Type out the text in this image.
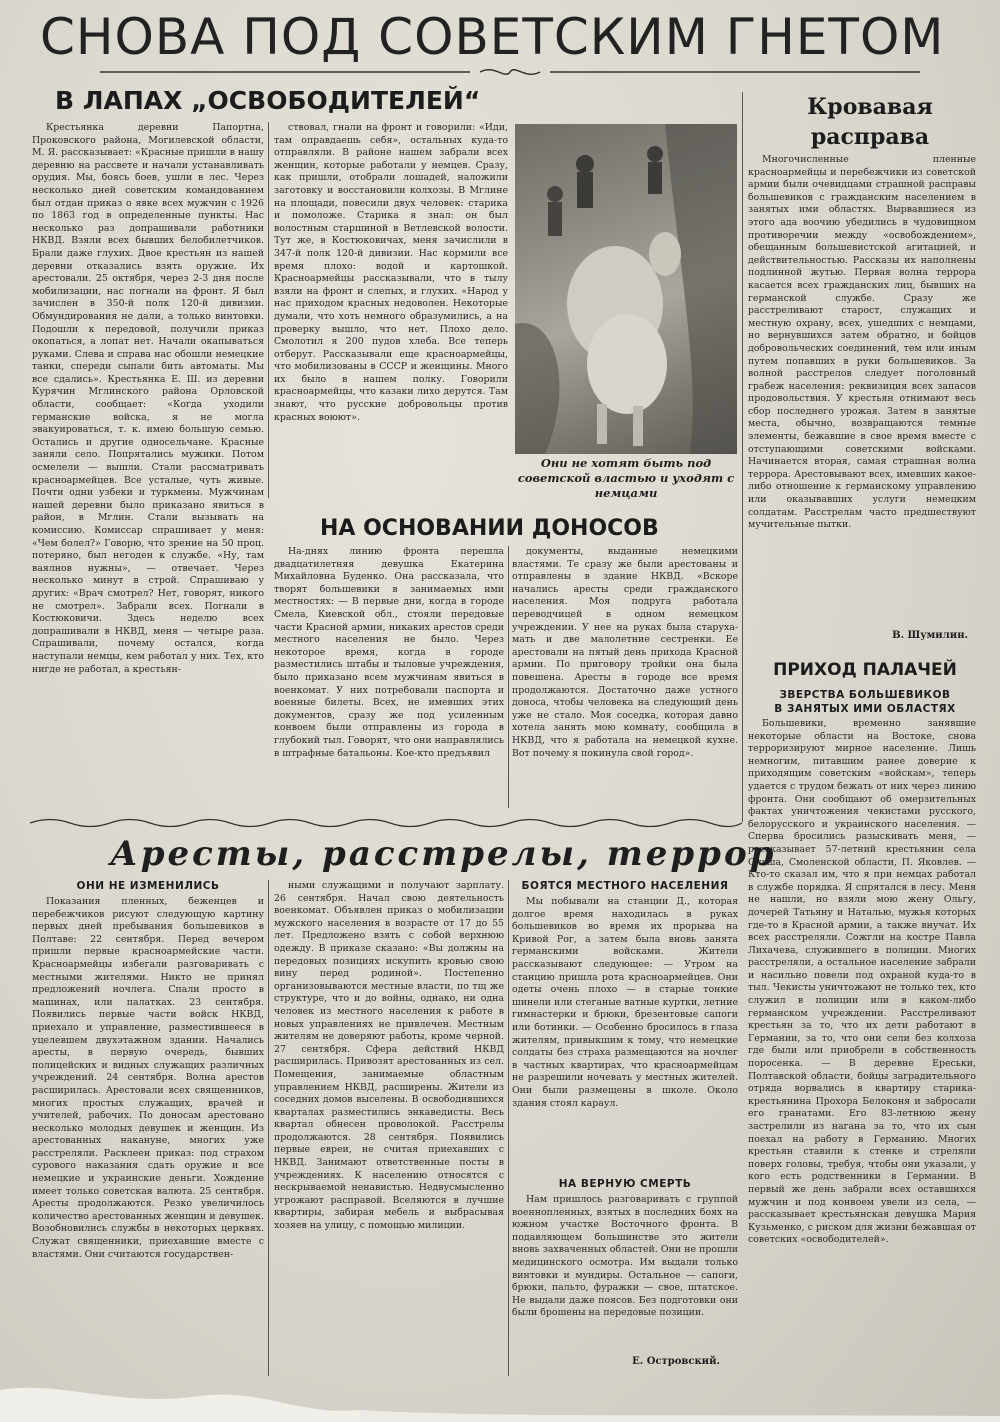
СНОВА ПОД СОВЕТСКИМ ГНЕТОМ
В ЛАПАХ „ОСВОБОДИТЕЛЕЙ“

Крестьянка деревни Папортна, Проковского района, Могилевской области, М. Я. рассказывает: «Красные пришли в нашу деревню на рассвете и начали устанавливать орудия. Мы, боясь боев, ушли в лес. Через несколько дней советским командованием был отдан приказ о явке всех мужчин с 1926 по 1863 год в определенные пункты. Нас несколько раз допрашивали работники НКВД. Взяли всех бывших белобилетчиков. Брали даже глухих. Двое крестьян из нашей деревни отказались взять оружие. Их арестовали. 25 октября, через 2-3 дня после мобилизации, нас погнали на фронт. Я был зачислен в 350-й полк 120-й дивизии. Обмундирования не дали, а только винтовки. Подошли к передовой, получили приказ окопаться, а лопат нет. Начали окапываться руками. Слева и справа нас обошли немецкие танки, спереди сыпали бить автоматы. Мы все сдались». Крестьянка Е. Ш. из деревни Курячин Мглинского района Орловской области, сообщает: «Когда уходили германские войска, я не могла эвакуироваться, т. к. имею большую семью. Остались и другие односельчане. Красные заняли село. Попрятались мужики. Потом осмелели — вышли. Стали рассматривать красноармейцев. Все усталые, чуть живые. Почти одни узбеки и туркмены. Мужчинам нашей деревни было приказано явиться в район, в Мглин. Стали вызывать на комиссию. Комиссар спрашивает у меня: «Чем болел?» Говорю, что зрение на 50 проц. потеряно, был негоден к службе. «Ну, там ваялнов нужны», — отвечает. Через несколько минут в строй. Спрашиваю у других: «Врач смотрел? Нет, говорят, никого не смотрел». Забрали всех. Погнали в Костюковичи. Здесь неделю всех допрашивали в НКВД, меня — четыре раза. Спрашивали, почему остался, когда наступали немцы, кем работал у них. Тех, кто нигде не работал, а крестьян-

ствовал, гнали на фронт и говорили: «Иди, там оправдаешь себя», остальных куда-то отправляли. В районе нашем забрали всех женщин, которые работали у немцев. Сразу, как пришли, отобрали лошадей, наложили заготовку и восстановили колхозы. В Мглине на площади, повесили двух человек: старика и помоложе. Старика я знал: он был волостным старшиной в Ветлевской волости. Тут же, в Костюковичах, меня зачислили в 347-й полк 120-й дивизии. Нас кормили все время плохо: водой и картошкой. Красноармейцы рассказывали, что в тылу взяли на фронт и слепых, и глухих. «Народ у нас приходом красных недоволен. Некоторые думали, что хоть немного образумились, а на проверку вышло, что нет. Плохо дело. Смолотил я 200 пудов хлеба. Все теперь отберут. Рассказывали еще красноармейцы, что мобилизованы в СССР и женщины. Много их было в нашем полку. Говорили красноармейцы, что казаки лихо дерутся. Там знают, что русские добровольцы против красных воюют».

Они не хотят быть под советской властью и уходят с немцами
НА ОСНОВАНИИ ДОНОСОВ

На-днях линию фронта перешла двадцатилетняя девушка Екатерина Михайловна Буденко. Она рассказала, что творят большевики в занимаемых ими местностях: — В первые дни, когда в городе Смела, Киевской обл., стояли передовые части Красной армии, никаких арестов среди местного населения не было. Через некоторое время, когда в городе разместились штабы и тыловые учреждения, было приказано всем мужчинам явиться в военкомат. У них потребовали паспорта и военные билеты. Всех, не имевших этих документов, сразу же под усиленным конвоем были отправлены из города в глубокий тыл. Говорят, что они направлялись в штрафные батальоны. Кое-кто предъявил

документы, выданные немецкими властями. Те сразу же были арестованы и отправлены в здание НКВД. «Вскоре начались аресты среди гражданского населения. Моя подруга работала переводчицей в одном немецком учреждении. У нее на руках была старуха-мать и две малолетние сестренки. Ее арестовали на пятый день прихода Красной армии. По приговору тройки она была повешена. Аресты в городе все время продолжаются. Достаточно даже устного доноса, чтобы человека на следующий день уже не стало. Моя соседка, которая давно хотела занять мою комнату, сообщила в НКВД, что я работала на немецкой кухне. Вот почему я покинула свой город».

Кровавая
расправа

Многочисленные пленные красноармейцы и перебежчики из советской армии были очевидцами страшной расправы большевиков с гражданским населением в занятых ими областях. Вырвавшиеся из этого ада воочию убедились в чудовищном противоречии между «освобождением», обещанным большевистской агитацией, и действительностью. Рассказы их наполнены подлинной жутью. Первая волна террора касается всех гражданских лиц, бывших на германской службе. Сразу же расстреливают старост, служащих и местную охрану, всех, ушедших с немцами, но вернувшихся затем обратно, и бойцов добровольческих соединений, тем или иным путем попавших в руки большевиков. За волной расстрелов следует поголовный грабеж населения: реквизиция всех запасов продовольствия. У крестьян отнимают весь сбор последнего урожая. Затем в занятые места, обычно, возвращаются темные элементы, бежавшие в свое время вместе с отступающими советскими войсками. Начинается вторая, самая страшная волна террора. Арестовывают всех, имевших какое-либо отношение к германскому управлению или оказывавших услуги немецким солдатам. Расстрелам часто предшествуют мучительные пытки.

В. Шумилин.
ПРИХОД ПАЛАЧЕЙ
ЗВЕРСТВА БОЛЬШЕВИКОВ
В ЗАНЯТЫХ ИМИ ОБЛАСТЯХ

Большевики, временно занявшие некоторые области на Востоке, снова терроризируют мирное население. Лишь немногим, питавшим ранее доверие к приходящим советским «войскам», теперь удается с трудом бежать от них через линию фронта. Они сообщают об омерзительных фактах уничтожения чекистами русского, белорусского и украинского населения. — Сперва бросились разыскивать меня, — рассказывает 57-летний крестьянин села Ольша, Смоленской области, П. Яковлев. — Кто-то сказал им, что я при немцах работал в службе порядка. Я спрятался в лесу. Меня не нашли, но взяли мою жену Ольгу, дочерей Татьяну и Наталью, мужья которых где-то в Красной армии, а также внучат. Их всех расстреляли. Сожгли на костре Павла Лихачева, служившего в полиции. Многих расстреляли, а остальное население забрали и насильно повели под охраной куда-то в тыл. Чекисты уничтожают не только тех, кто служил в полиции или в каком-либо германском учреждении. Расстреливают крестьян за то, что их дети работают в Германии, за то, что они сели без колхоза где были или приобрели в собственность поросенка. — В деревне Ереськи, Полтавской области, бойцы заградительного отряда ворвались в квартиру старика-крестьянина Прохора Белоконя и забросали его гранатами. Его 83-летнюю жену застрелили из нагана за то, что их сын поехал на работу в Германию. Многих крестьян ставили к стенке и стреляли поверх головы, требуя, чтобы они указали, у кого есть родственники в Германии. В первый же день забрали всех оставшихся мужчин и под конвоем увели из села, — рассказывает крестьянская девушка Мария Кузьменко, с риском для жизни бежавшая от советских «освободителей».

Аресты, расстрелы, террор
ОНИ НЕ ИЗМЕНИЛИСЬ

Показания пленных, беженцев и перебежчиков рисуют следующую картину первых дней пребывания большевиков в Полтаве: 22 сентября. Перед вечером пришли первые красноармейские части. Красноармейцы избегали разговаривать с местными жителями. Никто не принял предложений ночлега. Спали просто в машинах, или палатках. 23 сентября. Появились первые части войск НКВД, приехало и управление, разместившееся в уцелевшем двухэтажном здании. Начались аресты, в первую очередь, бывших полицейских и видных служащих различных учреждений. 24 сентября. Волна арестов расширилась. Арестовали всех священников, многих простых служащих, врачей и учителей, рабочих. По доносам арестовано несколько молодых девушек и женщин. Из арестованных накануне, многих уже расстреляли. Расклеен приказ: под страхом сурового наказания сдать оружие и все немецкие и украинские деньги. Хождение имеет только советская валюта. 25 сентября. Аресты продолжаются. Резко увеличилось количество арестованных женщин и девушек. Возобновились службы в некоторых церквях. Служат священники, приехавшие вместе с властями. Они считаются государствен-

ными служащими и получают зарплату. 26 сентября. Начал свою деятельность военкомат. Объявлен приказ о мобилизации мужского населения в возрасте от 17 до 55 лет. Предложено взять с собой верхнюю одежду. В приказе сказано: «Вы должны на передовых позициях искупить кровью свою вину перед родиной». Постепенно организовываются местные власти, по тщ же структуре, что и до войны, однако, ни одна человек из местного населения к работе в новых управлениях не привлечен. Местным жителям не доверяют работы, кроме черной. 27 сентября. Сфера действий НКВД расширилась. Привозят арестованных из сел. Помещения, занимаемые областным управлением НКВД, расширены. Жители из соседних домов выселены. В освободившихся кварталах разместились энкаведисты. Весь квартал обнесен проволокой. Расстрелы продолжаются. 28 сентября. Появились первые евреи, не считая приехавших с НКВД. Занимают ответственные посты в учреждениях. К населению относятся с нескрываемой ненавистью. Недвусмысленно угрожают расправой. Вселяются в лучшие квартиры, забирая мебель и выбрасывая хозяев на улицу, с помощью милиции.

БОЯТСЯ МЕСТНОГО НАСЕЛЕНИЯ

Мы побывали на станции Д., которая долгое время находилась в руках большевиков во время их прорыва на Кривой Рог, а затем была вновь занята германскими войсками. Жители рассказывают следующее: — Утром на станцию пришла рота красноармейцев. Они одеты очень плохо — в старые тонкие шинели или стеганые ватные куртки, летние гимнастерки и брюки, брезентовые сапоги или ботинки. — Особенно бросилось в глаза жителям, привыкшим к тому, что немецкие солдаты без страха размещаются на ночлег в частных квартирах, что красноармейцам не разрешили ночевать у местных жителей. Они были размещены в школе. Около здания стоял караул.

НА ВЕРНУЮ СМЕРТЬ

Нам пришлось разговаривать с группой военнопленных, взятых в последних боях на южном участке Восточного фронта. В подавляющем большинстве это жители вновь захваченных областей. Они не прошли медицинского осмотра. Им выдали только винтовки и мундиры. Остальное — сапоги, брюки, пальто, фуражки — свое, штатское. Не выдали даже поясов. Без подготовки они были брошены на передовые позиции.

Е. Островский.
